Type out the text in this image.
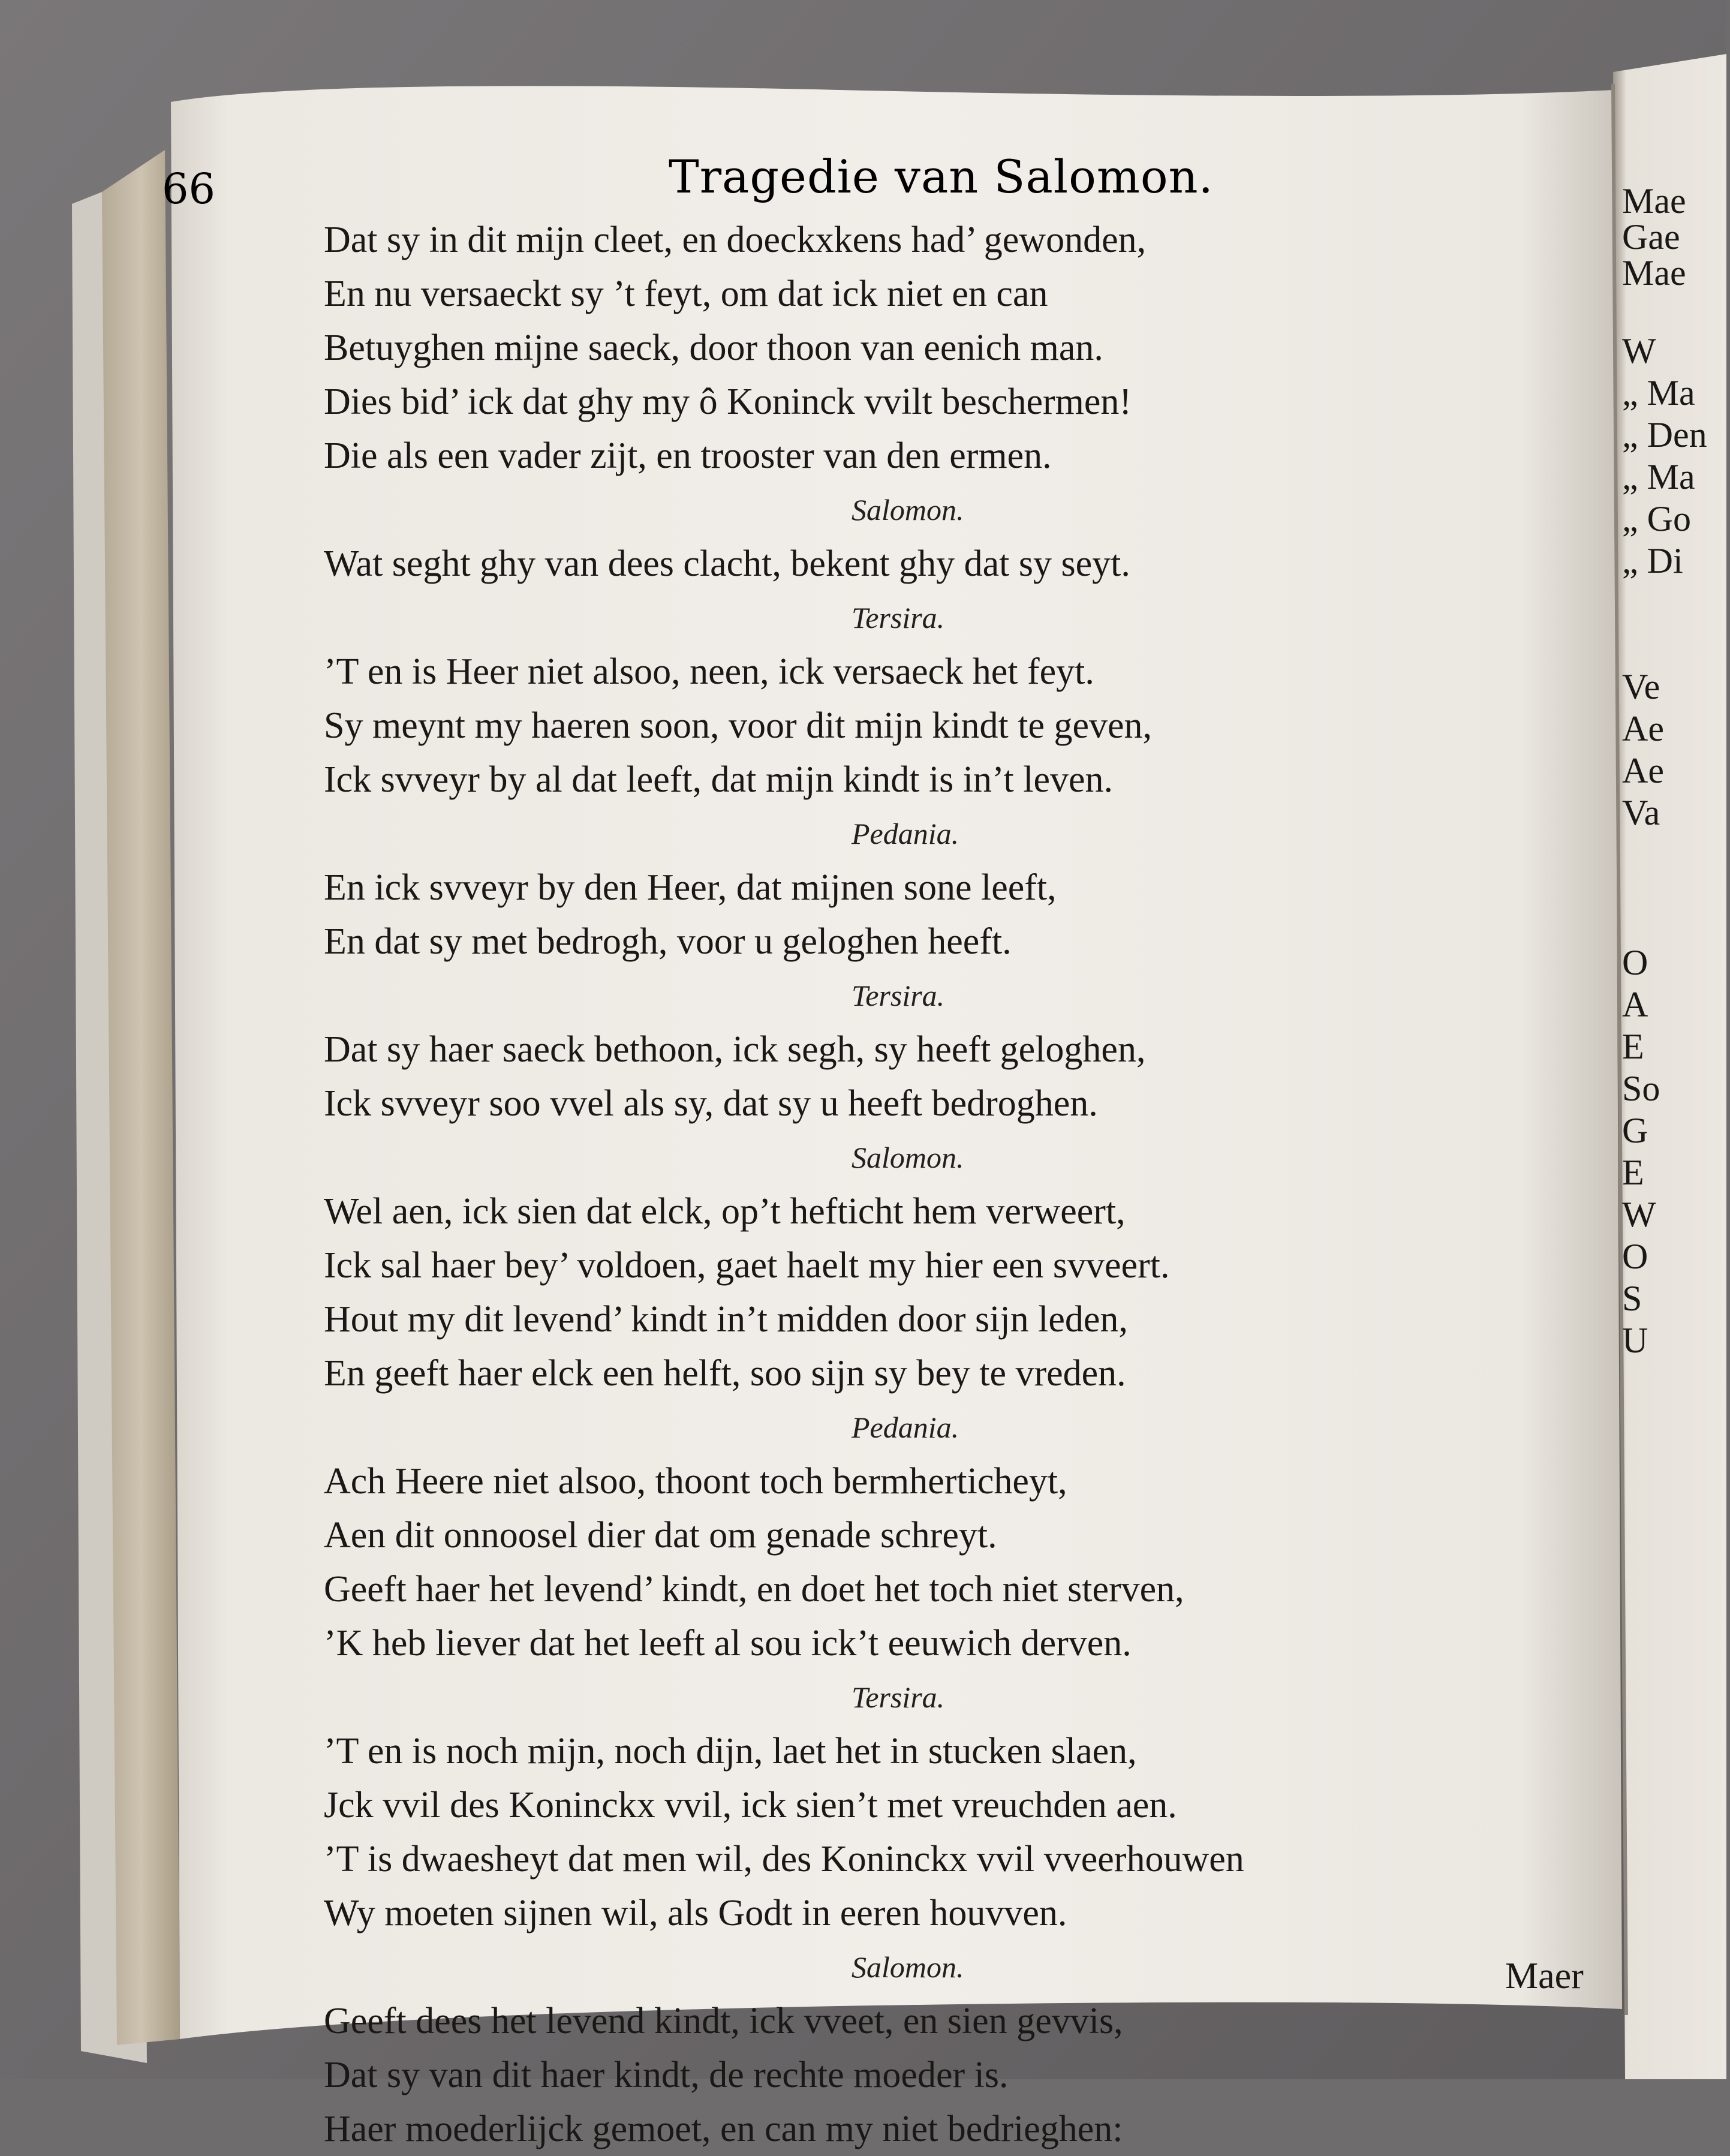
66	Tragedie van Salomon.
Dat sy in dit mijn cleet, en doeckxkens had’ gewonden,
En nu versaeckt sy ’t feyt, om dat ick niet en can
Betuyghen mijne saeck, door thoon van eenich man.
Dies bid’ ick dat ghy my ô Koninck vvilt beschermen!
Die als een vader zijt, en trooster van den ermen.
Salomon.
Wat seght ghy van dees clacht, bekent ghy dat sy seyt.
Tersira.
’T en is Heer niet alsoo, neen, ick versaeck het feyt.
Sy meynt my haeren soon, voor dit mijn kindt te geven,
Ick svveyr by al dat leeft, dat mijn kindt is in’t leven.
Pedania.
En ick svveyr by den Heer, dat mijnen sone leeft,
En dat sy met bedrogh, voor u geloghen heeft.
Tersira.
Dat sy haer saeck bethoon, ick segh, sy heeft geloghen,
Ick svveyr soo vvel als sy, dat sy u heeft bedroghen.
Salomon.
Wel aen, ick sien dat elck, op’t hefticht hem verweert,
Ick sal haer bey’ voldoen, gaet haelt my hier een svveert.
Hout my dit levend’ kindt in’t midden door sijn leden,
En geeft haer elck een helft, soo sijn sy bey te vreden.
Pedania.
Ach Heere niet alsoo, thoont toch bermherticheyt,
Aen dit onnoosel dier dat om genade schreyt.
Geeft haer het levend’ kindt, en doet het toch niet sterven,
’K heb liever dat het leeft al sou ick’t eeuwich derven.
Tersira.
’T en is noch mijn, noch dijn, laet het in stucken slaen,
Jck vvil des Koninckx vvil, ick sien’t met vreuchden aen.
’T is dwaesheyt dat men wil, des Koninckx vvil vveerhouwen
Wy moeten sijnen wil, als Godt in eeren houvven.
Salomon.
Geeft dees het levend kindt, ick vveet, en sien gevvis,
Dat sy van dit haer kindt, de rechte moeder is.
Haer moederlijck gemoet, en can my niet bedrieghen:
Maer
Mae
Gae
Mae
W
„ Ma
„ Den
„ Ma
„ Go
„ Di
Ve
Ae
Ae
Va
O
A
E
So
G
E
W
O
S
U
